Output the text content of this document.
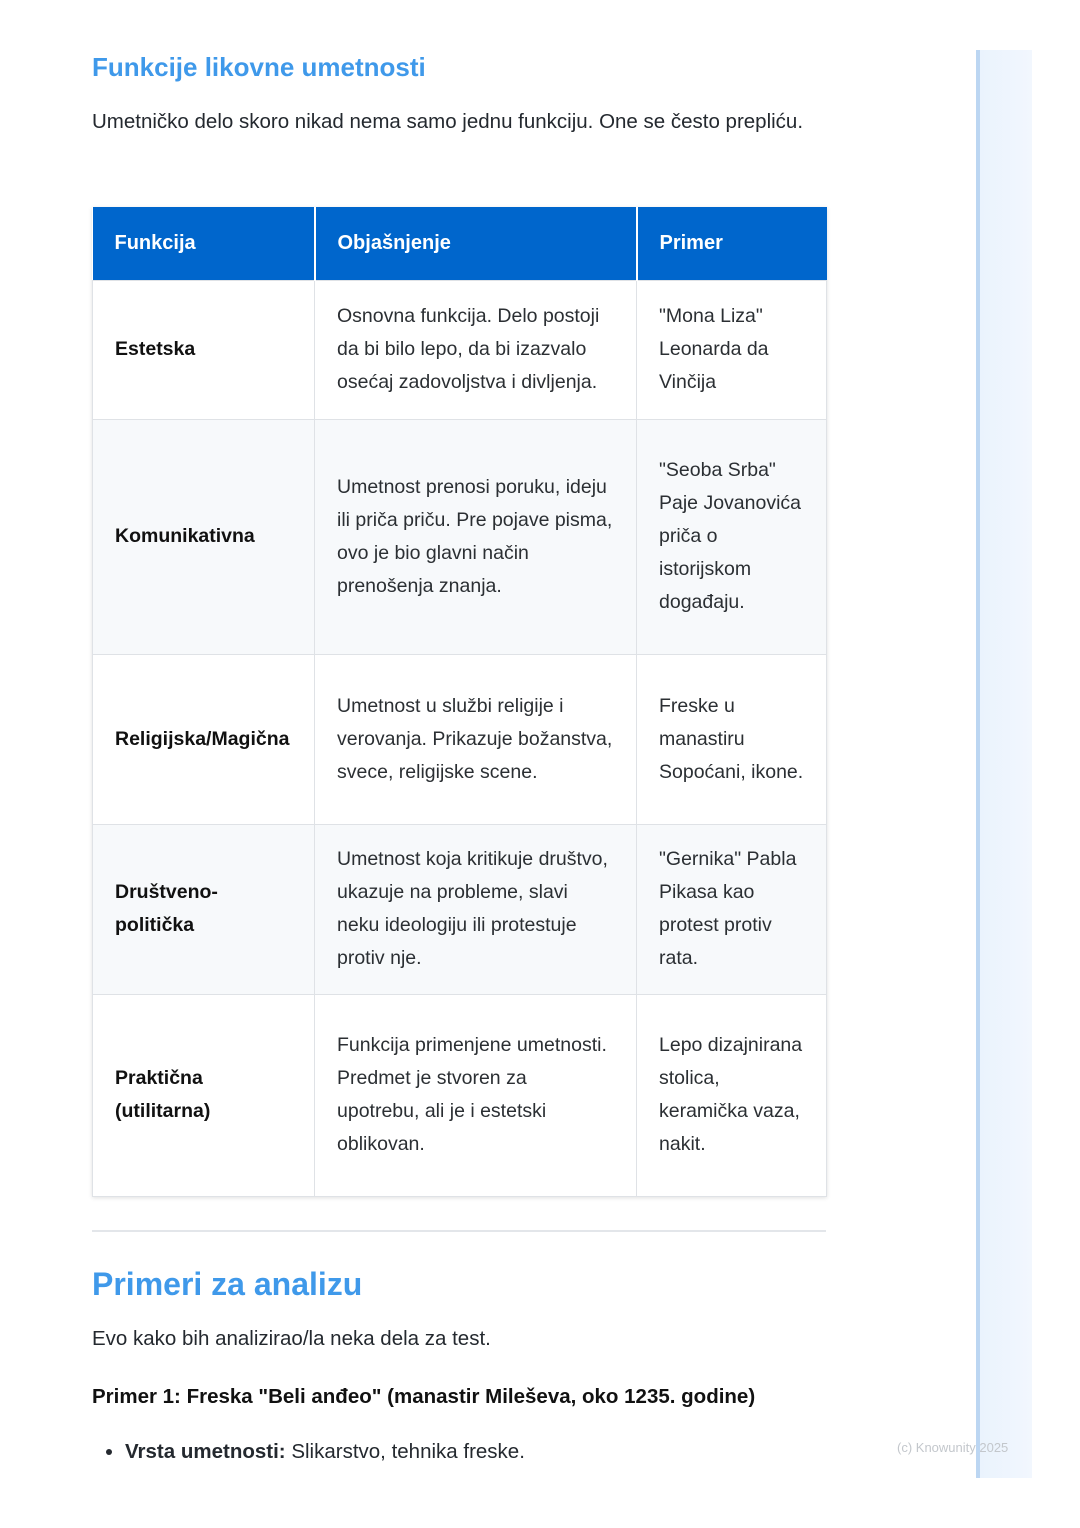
Funkcije likovne umetnosti

Umetničko delo skoro nikad nema samo jednu funkciju. One se često prepliću.

Funkcija	Objašnjenje	Primer
Estetska	Osnovna funkcija. Delo postoji da bi bilo lepo, da bi izazvalo osećaj zadovoljstva i divljenja.	"Mona Liza" Leonarda da Vinčija
Komunikativna	Umetnost prenosi poruku, ideju ili priča priču. Pre pojave pisma, ovo je bio glavni način prenošenja znanja.	"Seoba Srba" Paje Jovanovića priča o istorijskom događaju.
Religijska/Magična	Umetnost u službi religije i verovanja. Prikazuje božanstva, svece, religijske scene.	Freske u manastiru Sopoćani, ikone.
Društveno-politička	Umetnost koja kritikuje društvo, ukazuje na probleme, slavi neku ideologiju ili protestuje protiv nje.	"Gernika" Pabla Pikasa kao protest protiv rata.
Praktična (utilitarna)	Funkcija primenjene umetnosti. Predmet je stvoren za upotrebu, ali je i estetski oblikovan.	Lepo dizajnirana stolica, keramička vaza, nakit.
Primeri za analizu

Evo kako bih analizirao/la neka dela za test.

Primer 1: Freska "Beli anđeo" (manastir Mileševa, oko 1235. godine)

• Vrsta umetnosti: Slikarstvo, tehnika freske.	(c) Knowunity 2025
